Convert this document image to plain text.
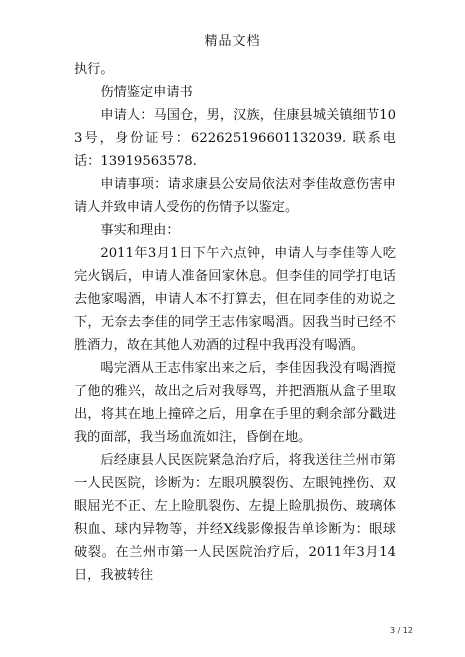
精品文档

执行。

伤情鉴定申请书

申请人：马国仓，男，汉族，住康县城关镇细节103号，身份证号：622625196601132039. 联系电话：13919563578.

申请事项：请求康县公安局依法对李佳故意伤害申请人并致申请人受伤的伤情予以鉴定。

事实和理由：

2011年3月1日下午六点钟，申请人与李佳等人吃完火锅后，申请人准备回家休息。但李佳的同学打电话去他家喝酒，申请人本不打算去，但在同李佳的劝说之下，无奈去李佳的同学王志伟家喝酒。因我当时已经不胜酒力，故在其他人劝酒的过程中我再没有喝酒。

喝完酒从王志伟家出来之后，李佳因我没有喝酒搅了他的雅兴，故出之后对我辱骂，并把酒瓶从盒子里取出，将其在地上撞碎之后，用拿在手里的剩余部分戳进我的面部，我当场血流如注，昏倒在地。

后经康县人民医院紧急治疗后，将我送往兰州市第一人民医院，诊断为：左眼巩膜裂伤、左眼钝挫伤、双眼屈光不正、左上睑肌裂伤、左提上睑肌损伤、玻璃体积血、球内异物等，并经X线影像报告单诊断为：眼球破裂。在兰州市第一人民医院治疗后，2011年3月14日，我被转往

3 / 12
